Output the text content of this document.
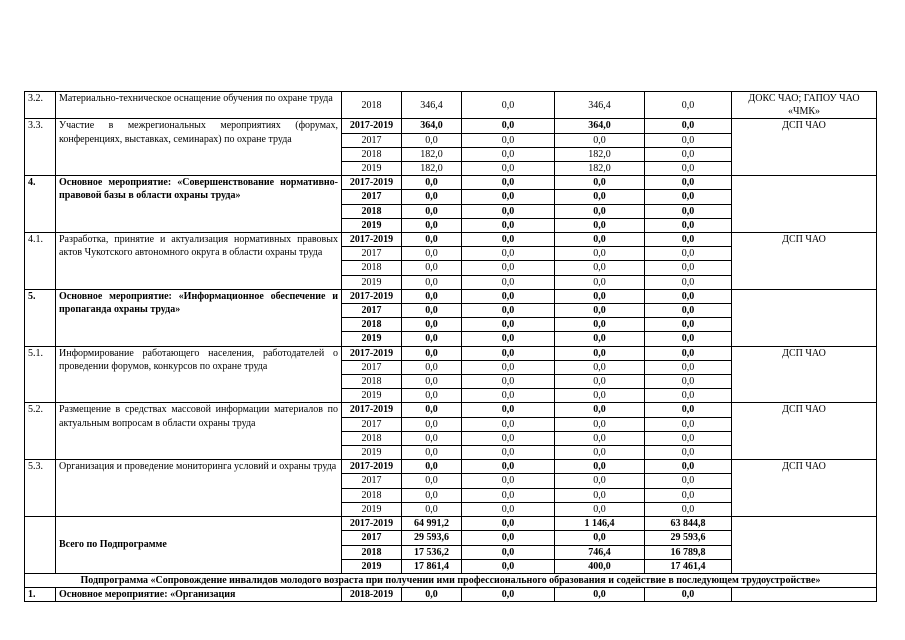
3.2.	Материально-техническое оснащение обучения по охране труда	2018	346,4	0,0	346,4	0,0	ДОКС ЧАО; ГАПОУ ЧАО «ЧМК»
3.3.	Участие в межрегиональных мероприятиях (форумах, конференциях, выставках, семинарах) по охране труда	2017-2019	364,0	0,0	364,0	0,0	ДСП ЧАО
		2017	0,0	0,0	0,0	0,0	
		2018	182,0	0,0	182,0	0,0	
		2019	182,0	0,0	182,0	0,0	
4.	Основное мероприятие: «Совершенствование нормативно-правовой базы в области охраны труда»	2017-2019	0,0	0,0	0,0	0,0	
		2017	0,0	0,0	0,0	0,0	
		2018	0,0	0,0	0,0	0,0	
		2019	0,0	0,0	0,0	0,0	
4.1.	Разработка, принятие и актуализация нормативных правовых актов Чукотского автономного округа в области охраны труда	2017-2019	0,0	0,0	0,0	0,0	ДСП ЧАО
		2017	0,0	0,0	0,0	0,0	
		2018	0,0	0,0	0,0	0,0	
		2019	0,0	0,0	0,0	0,0	
5.	Основное мероприятие: «Информационное обеспечение и пропаганда охраны труда»	2017-2019	0,0	0,0	0,0	0,0	
		2017	0,0	0,0	0,0	0,0	
		2018	0,0	0,0	0,0	0,0	
		2019	0,0	0,0	0,0	0,0	
5.1.	Информирование работающего населения, работодателей о проведении форумов, конкурсов по охране труда	2017-2019	0,0	0,0	0,0	0,0	ДСП ЧАО
		2017	0,0	0,0	0,0	0,0	
		2018	0,0	0,0	0,0	0,0	
		2019	0,0	0,0	0,0	0,0	
5.2.	Размещение в средствах массовой информации материалов по актуальным вопросам в области охраны труда	2017-2019	0,0	0,0	0,0	0,0	ДСП ЧАО
		2017	0,0	0,0	0,0	0,0	
		2018	0,0	0,0	0,0	0,0	
		2019	0,0	0,0	0,0	0,0	
5.3.	Организация и проведение мониторинга условий и охраны труда	2017-2019	0,0	0,0	0,0	0,0	ДСП ЧАО
		2017	0,0	0,0	0,0	0,0	
		2018	0,0	0,0	0,0	0,0	
		2019	0,0	0,0	0,0	0,0	
	Всего по Подпрограмме	2017-2019	64 991,2	0,0	1 146,4	63 844,8	
		2017	29 593,6	0,0	0,0	29 593,6	
		2018	17 536,2	0,0	746,4	16 789,8	
		2019	17 861,4	0,0	400,0	17 461,4	
Подпрограмма «Сопровождение инвалидов молодого возраста при получении ими профессионального образования и содействие в последующем трудоустройстве»							
1.	Основное мероприятие: «Организация	2018-2019	0,0	0,0	0,0	0,0	
